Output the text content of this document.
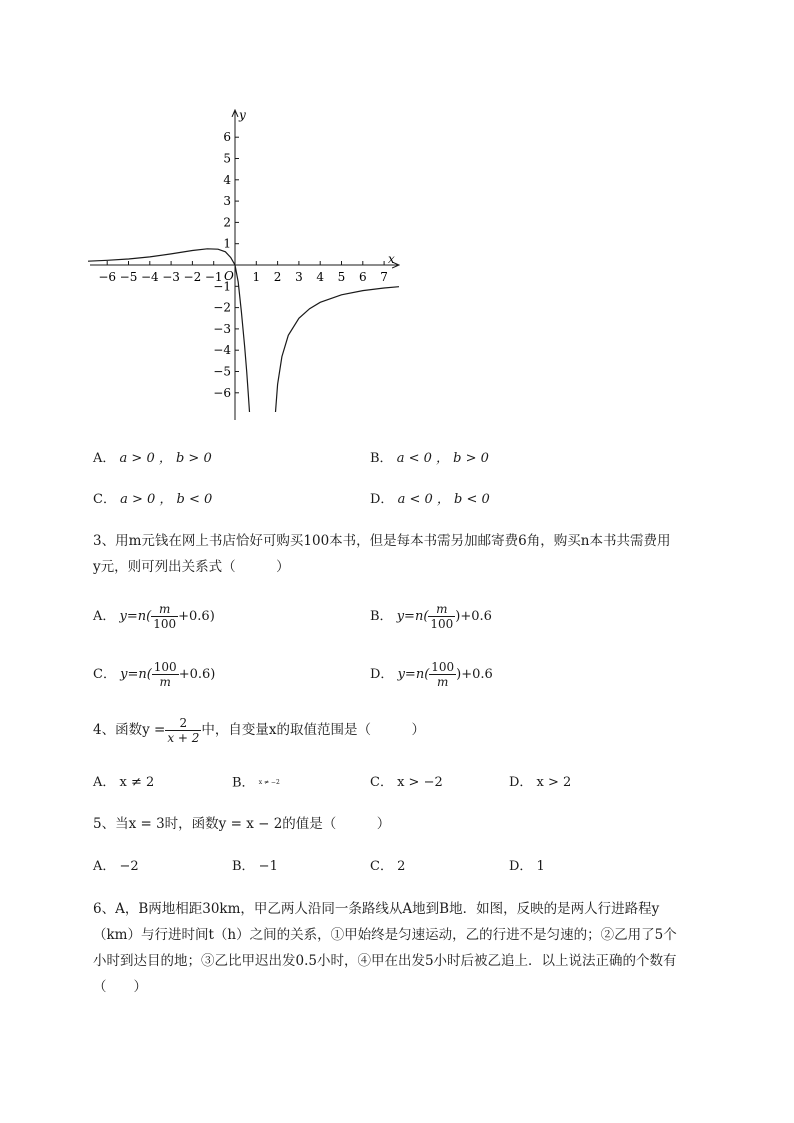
6
5
4
3
2
1
−1
−2
−3
−4
−5
−6
−6 −5 −4 −3 −2 −1 1 2 3 4 5 6 7
y
x
O
A． a > 0 ， b > 0	B． a < 0 ， b > 0
C． a > 0 ， b < 0	D． a < 0 ， b < 0
3、用m元钱在网上书店恰好可购买100本书，但是每本书需另加邮寄费6角，购买n本书共需费用
y元，则可列出关系式（　　　）
A． $y=n( \frac{m}{100} +0.6)$	B． $y=n( \frac{m}{100} )+0.6$
C． $y=n( \frac{100}{m} +0.6)$	D． $y=n( \frac{100}{m} )+0.6$
4、函数$y = \frac{2}{x + 2}$ 中，自变量x的取值范围是（　　　）
A． x ≠ 2	B． x ≠ −2	C． x > −2	D． x > 2
5、当x = 3时，函数y = x − 2的值是（　　　）
A． −2	B． −1	C． 2	D． 1
6、A，B两地相距30km，甲乙两人沿同一条路线从A地到B地．如图，反映的是两人行进路程y
（km）与行进时间t（h）之间的关系，①甲始终是匀速运动，乙的行进不是匀速的；②乙用了5个
小时到达目的地；③乙比甲迟出发0.5小时，④甲在出发5小时后被乙追上．以上说法正确的个数有
（　　）
